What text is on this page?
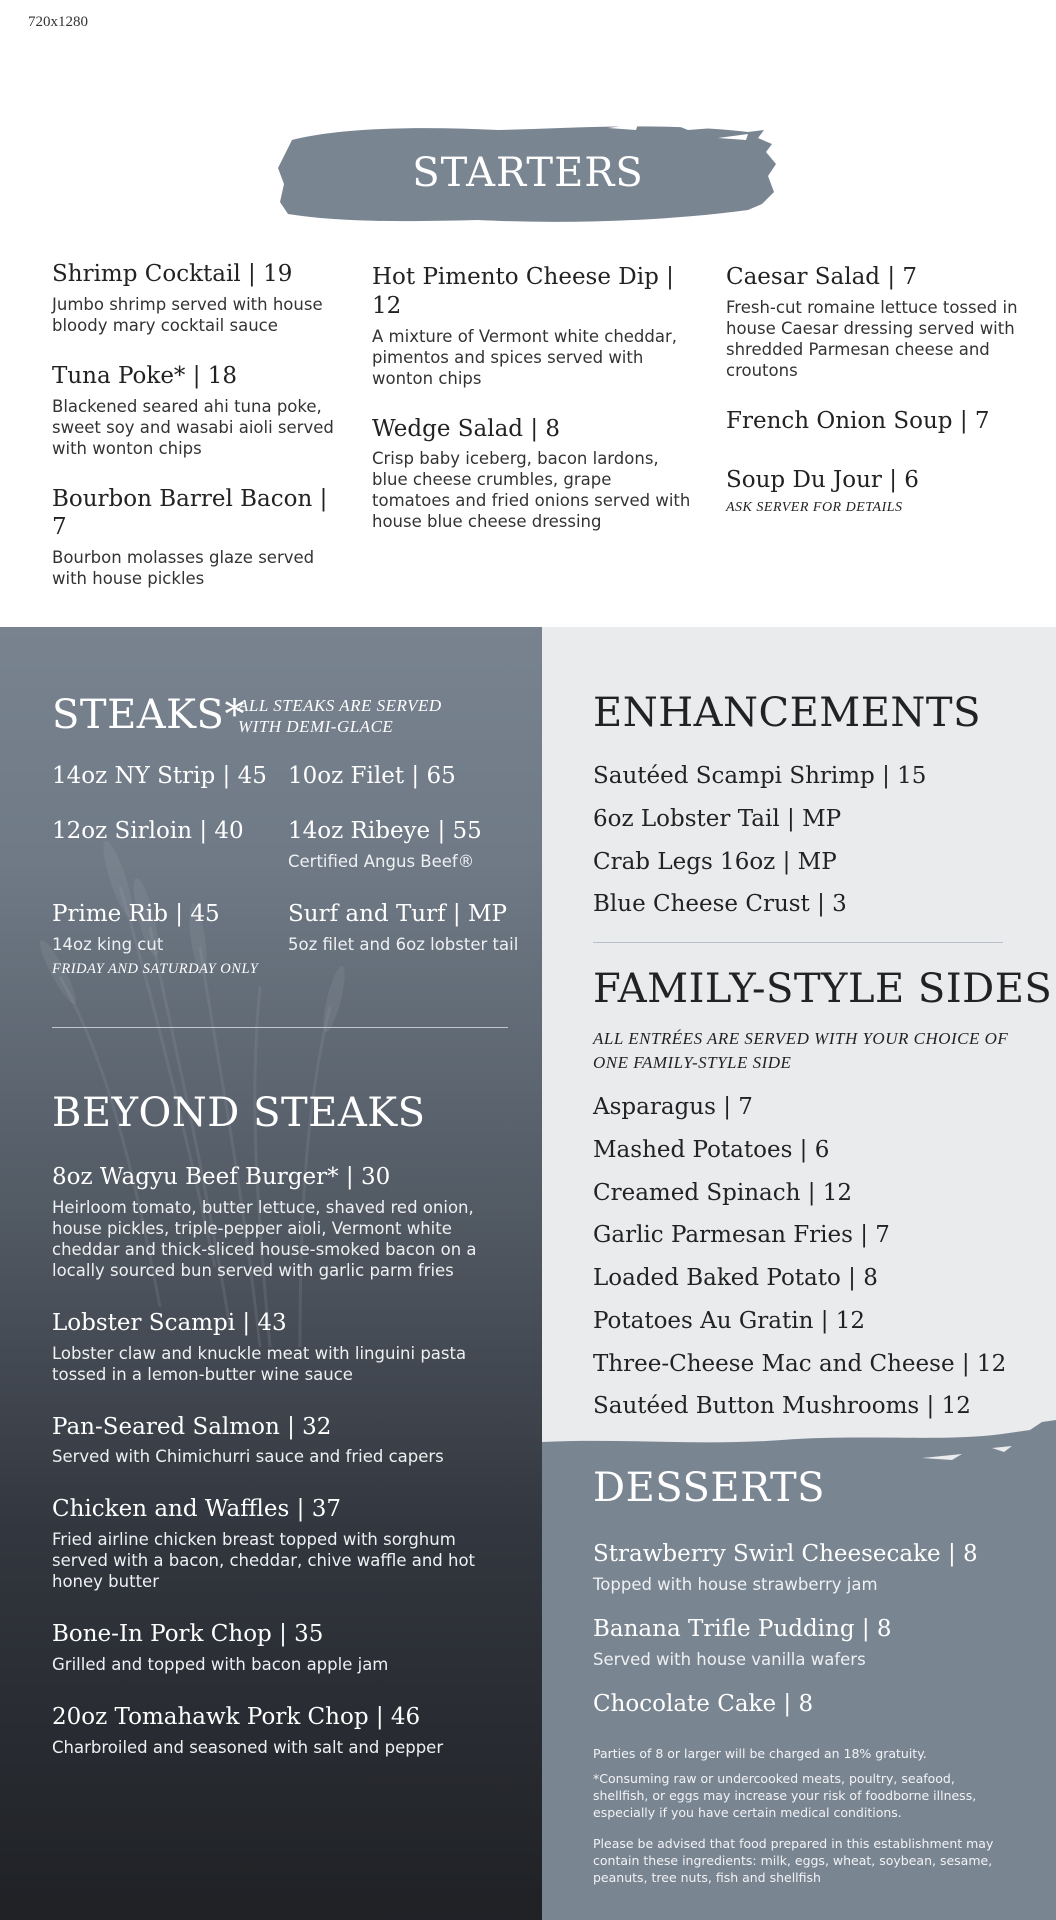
720x1280
STARTERS

Shrimp Cocktail | 19

Jumbo shrimp served with house bloody mary cocktail sauce

Tuna Poke* | 18

Blackened seared ahi tuna poke, sweet soy and wasabi aioli served with wonton chips

Bourbon Barrel Bacon | 7

Bourbon molasses glaze served with house pickles

Hot Pimento Cheese Dip | 12

A mixture of Vermont white cheddar, pimentos and spices served with wonton chips

Wedge Salad | 8

Crisp baby iceberg, bacon lardons, blue cheese crumbles, grape tomatoes and fried onions served with house blue cheese dressing

Caesar Salad | 7

Fresh-cut romaine lettuce tossed in house Caesar dressing served with shredded Parmesan cheese and croutons

French Onion Soup | 7

Soup Du Jour | 6

ASK SERVER FOR DETAILS

STEAKS*
ALL STEAKS ARE SERVED WITH DEMI-GLACE

14oz NY Strip | 45 10oz Filet | 65

12oz Sirloin | 40	14oz Ribeye | 55

Certified Angus Beef®

Prime Rib | 45

14oz king cut

FRIDAY AND SATURDAY ONLY

Surf and Turf | MP

5oz filet and 6oz lobster tail

BEYOND STEAKS

8oz Wagyu Beef Burger* | 30

Heirloom tomato, butter lettuce, shaved red onion, house pickles, triple-pepper aioli, Vermont white cheddar and thick-sliced house-smoked bacon on a locally sourced bun served with garlic parm fries

Lobster Scampi | 43

Lobster claw and knuckle meat with linguini pasta tossed in a lemon-butter wine sauce

Pan-Seared Salmon | 32

Served with Chimichurri sauce and fried capers

Chicken and Waffles | 37

Fried airline chicken breast topped with sorghum served with a bacon, cheddar, chive waffle and hot honey butter

Bone-In Pork Chop | 35

Grilled and topped with bacon apple jam

20oz Tomahawk Pork Chop | 46

Charbroiled and seasoned with salt and pepper

ENHANCEMENTS

Sautéed Scampi Shrimp | 15

6oz Lobster Tail | MP

Crab Legs 16oz | MP

Blue Cheese Crust | 3

FAMILY-STYLE SIDES
ALL ENTRÉES ARE SERVED WITH YOUR CHOICE OF ONE FAMILY-STYLE SIDE

Asparagus | 7

Mashed Potatoes | 6

Creamed Spinach | 12

Garlic Parmesan Fries | 7

Loaded Baked Potato | 8

Potatoes Au Gratin | 12

Three-Cheese Mac and Cheese | 12

Sautéed Button Mushrooms | 12

DESSERTS

Strawberry Swirl Cheesecake | 8

Topped with house strawberry jam

Banana Trifle Pudding | 8

Served with house vanilla wafers

Chocolate Cake | 8

Parties of 8 or larger will be charged an 18% gratuity.

*Consuming raw or undercooked meats, poultry, seafood, shellfish, or eggs may increase your risk of foodborne illness, especially if you have certain medical conditions.

Please be advised that food prepared in this establishment may contain these ingredients: milk, eggs, wheat, soybean, sesame, peanuts, tree nuts, fish and shellfish
